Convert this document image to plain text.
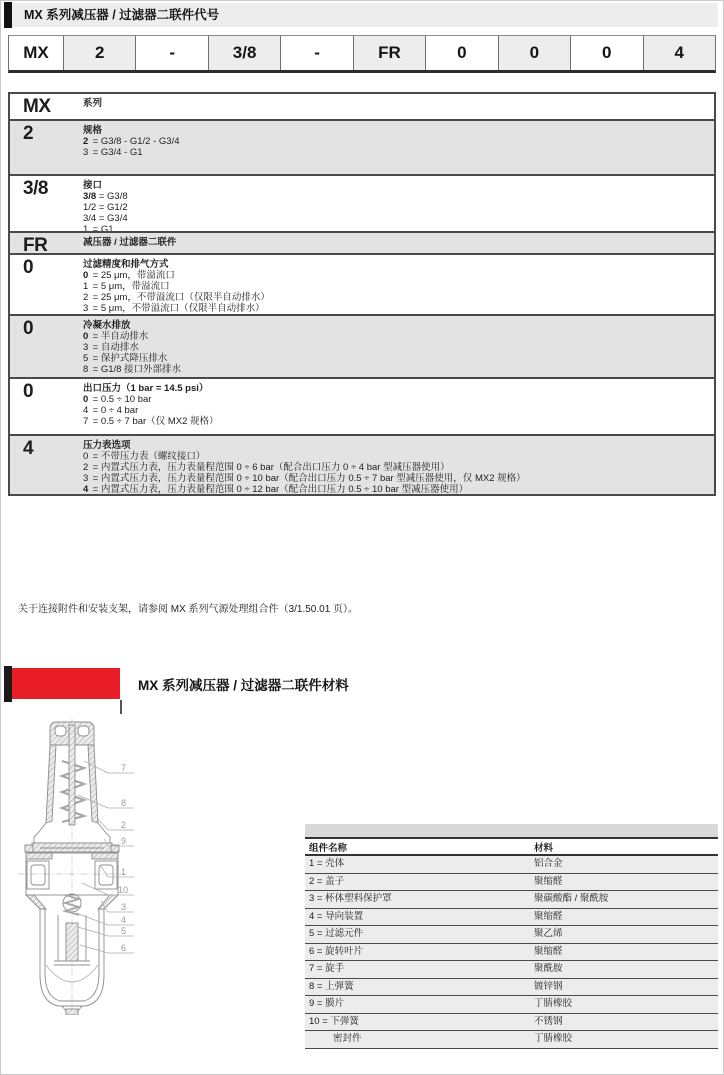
MX 系列减压器 / 过滤器二联件代号
MX	2	-	3/8	-	FR	0	0	0	4
MX	系列
2	规格
2 = G3/8 - G1/2 - G3/4
3 = G3/4 - G1
3/8	接口
3/8 = G3/8
1/2 = G1/2
3/4 = G3/4
1 = G1
FR	减压器 / 过滤器二联件
0	过滤精度和排气方式
0 = 25 μm，带溢流口
1 = 5 μm，带溢流口
2 = 25 μm，不带溢流口（仅限半自动排水）
3 = 5 μm，不带溢流口（仅限半自动排水）
0	冷凝水排放
0 = 半自动排水
3 = 自动排水
5 = 保护式降压排水
8 = G1/8 接口外部排水
0	出口压力（1 bar = 14.5 psi）
0 = 0.5 ÷ 10 bar
4 = 0 ÷ 4 bar
7 = 0.5 ÷ 7 bar（仅 MX2 规格）
4	压力表选项
0 = 不带压力表（螺纹接口）
2 = 内置式压力表，压力表量程范围 0 ÷ 6 bar（配合出口压力 0 ÷ 4 bar 型减压器使用）
3 = 内置式压力表，压力表量程范围 0 ÷ 10 bar（配合出口压力 0.5 ÷ 7 bar 型减压器使用，仅 MX2 规格）
4 = 内置式压力表，压力表量程范围 0 ÷ 12 bar（配合出口压力 0.5 ÷ 10 bar 型减压器使用）
关于连接附件和安装支架，请参阅 MX 系列气源处理组合件（3/1.50.01 页）。
MX 系列减压器 / 过滤器二联件材料
7
8
2
9
1
10
3
4
5
6
组件名称	材料
1 = 壳体	铝合金
2 = 盖子	聚缩醛
3 = 杯体塑料保护罩	聚碳酸酯 / 聚酰胺
4 = 导向装置	聚缩醛
5 = 过滤元件	聚乙烯
6 = 旋转叶片	聚缩醛
7 = 旋手	聚酰胺
8 = 上弹簧	镀锌钢
9 = 膜片	丁腈橡胶
10 = 下弹簧	不锈钢
密封件	丁腈橡胶
